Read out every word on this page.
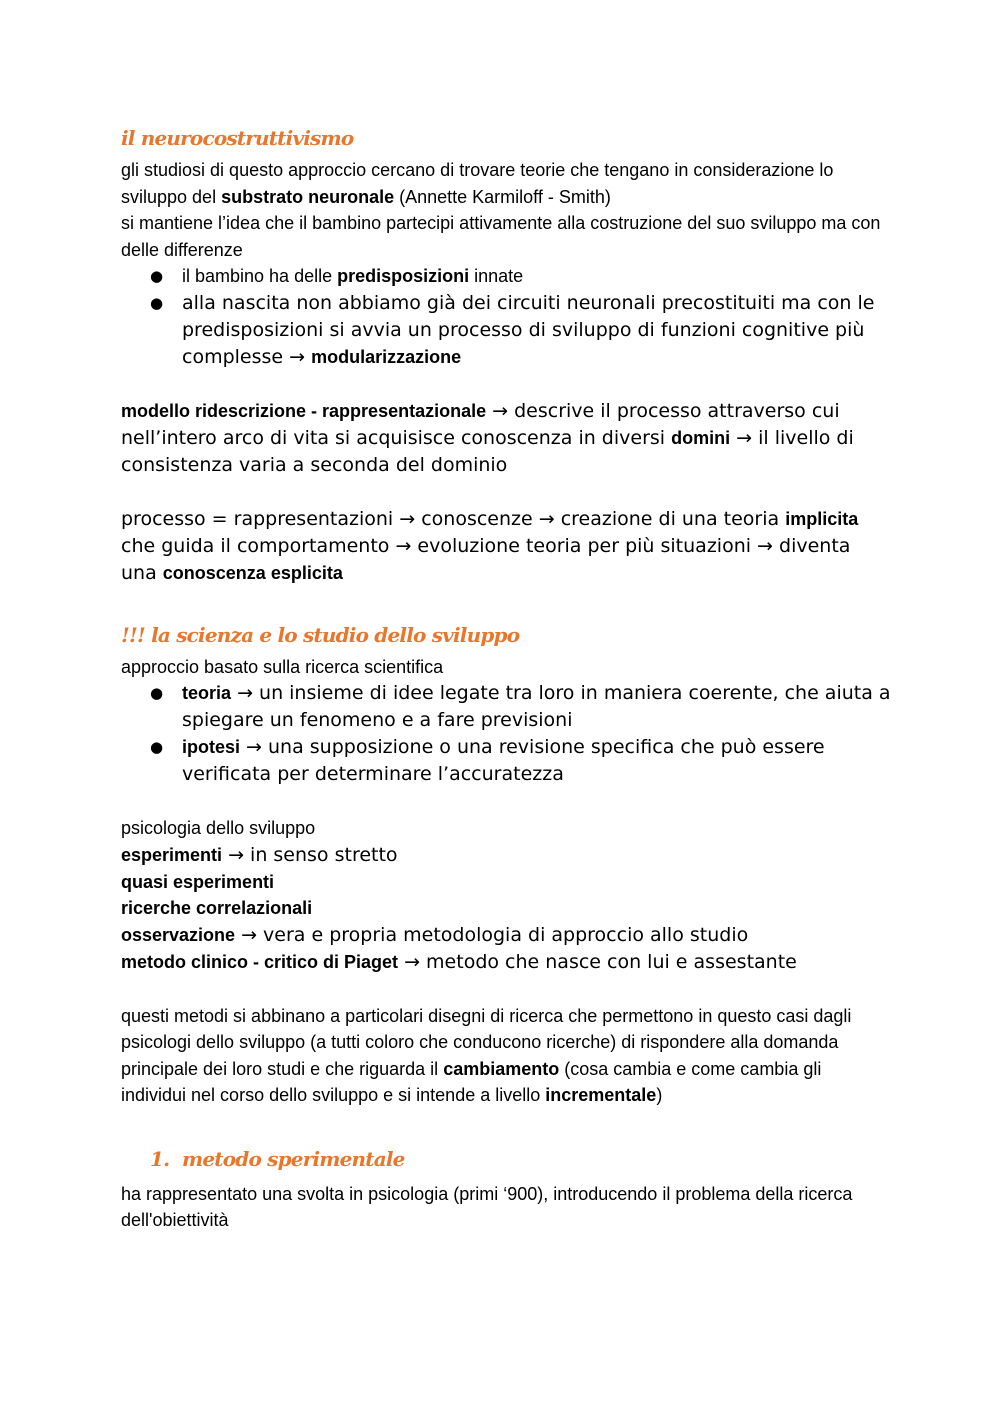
il neurocostruttivismo

gli studiosi di questo approccio cercano di trovare teorie che tengano in considerazione lo sviluppo del substrato neuronale (Annette Karmiloff - Smith)

si mantiene l’idea che il bambino partecipi attivamente alla costruzione del suo sviluppo ma con delle differenze

● il bambino ha delle predisposizioni innate
● alla nascita non abbiamo già dei circuiti neuronali precostituiti ma con le predisposizioni si avvia un processo di sviluppo di funzioni cognitive più complesse → modularizzazione

modello ridescrizione - rappresentazionale → descrive il processo attraverso cui nell’intero arco di vita si acquisisce conoscenza in diversi domini → il livello di consistenza varia a seconda del dominio

processo = rappresentazioni → conoscenze → creazione di una teoria implicita che guida il comportamento → evoluzione teoria per più situazioni → diventa una conoscenza esplicita

!!! la scienza e lo studio dello sviluppo

approccio basato sulla ricerca scientifica

● teoria → un insieme di idee legate tra loro in maniera coerente, che aiuta a spiegare un fenomeno e a fare previsioni
● ipotesi → una supposizione o una revisione specifica che può essere verificata per determinare l’accuratezza

psicologia dello sviluppo

esperimenti → in senso stretto

quasi esperimenti

ricerche correlazionali

osservazione → vera e propria metodologia di approccio allo studio

metodo clinico - critico di Piaget → metodo che nasce con lui e assestante

questi metodi si abbinano a particolari disegni di ricerca che permettono in questo casi dagli psicologi dello sviluppo (a tutti coloro che conducono ricerche) di rispondere alla domanda principale dei loro studi e che riguarda il cambiamento (cosa cambia e come cambia gli individui nel corso dello sviluppo e si intende a livello incrementale)

1. metodo sperimentale

ha rappresentato una svolta in psicologia (primi ‘900), introducendo il problema della ricerca dell'obiettività
